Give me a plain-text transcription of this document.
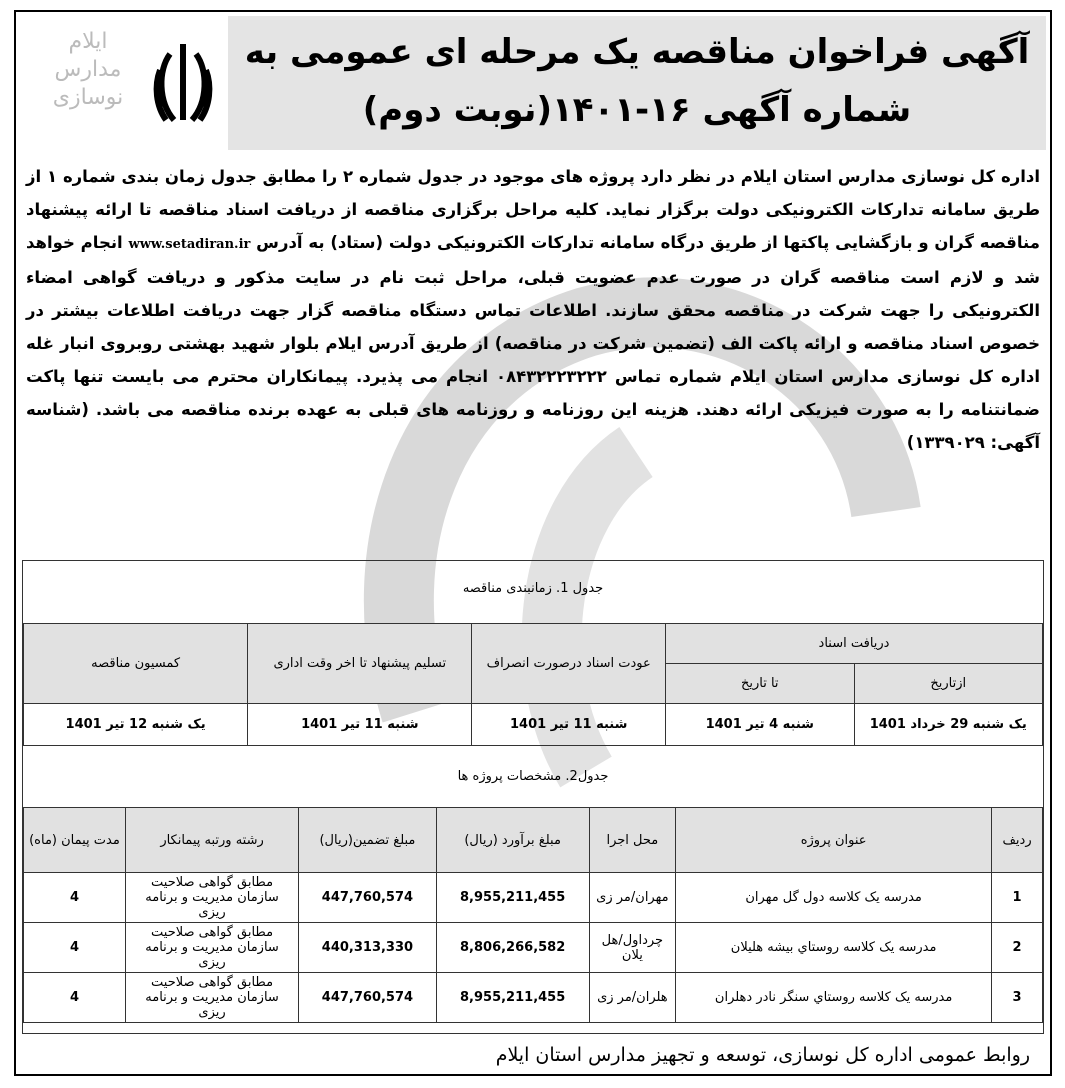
ایلام مدارس نوسازی
آگهی فراخوان مناقصه یک مرحله ای عمومی به
شماره آگهی ۱۶-۱۴۰۱(نوبت دوم)
اداره کل نوسازی مدارس استان ایلام در نظر دارد پروژه های موجود در جدول شماره ۲ را مطابق جدول زمان بندی شماره ۱ از طریق سامانه تدارکات الکترونیکی دولت برگزار نماید. کلیه مراحل برگزاری مناقصه از دریافت اسناد مناقصه تا ارائه پیشنهاد مناقصه گران و بازگشایی پاکتها از طریق درگاه سامانه تدارکات الکترونیکی دولت (ستاد) به آدرس www.setadiran.ir انجام خواهد شد و لازم است مناقصه گران در صورت عدم عضویت قبلی، مراحل ثبت نام در سایت مذکور و دریافت گواهی امضاء الکترونیکی را جهت شرکت در مناقصه محقق سازند. اطلاعات تماس دستگاه مناقصه گزار جهت دریافت اطلاعات بیشتر در خصوص اسناد مناقصه و ارائه پاکت الف (تضمین شرکت در مناقصه) از طریق آدرس ایلام بلوار شهید بهشتی روبروی انبار غله اداره کل نوسازی مدارس استان ایلام شماره تماس ۰۸۴۳۲۲۲۳۲۲۲ انجام می پذیرد. پیمانکاران محترم می بایست تنها پاکت ضمانتنامه را به صورت فیزیکی ارائه دهند. هزینه این روزنامه و روزنامه های قبلی به عهده برنده مناقصه می باشد. (شناسه آگهی: ۱۳۳۹۰۲۹)
جدول 1. زمانبندی مناقصه
دریافت اسناد		عودت اسناد درصورت انصراف	تسلیم پیشنهاد تا اخر وقت اداری	کمسیون مناقصه
ازتاریخ	تا تاریخ			
یک شنبه 29 خرداد 1401	شنبه 4 تیر 1401	شنبه 11 تیر 1401	شنبه 11 تیر 1401	یک شنبه 12 تیر 1401
جدول2. مشخصات پروژه ها
ردیف	عنوان پروژه	محل اجرا	مبلغ برآورد (ریال)	مبلغ تضمین(ریال)	رشته ورتبه پیمانکار	مدت پیمان (ماه)
1	مدرسه یک کلاسه دول گل مهران	مهران/مر زی	8,955,211,455	447,760,574	مطابق گواهی صلاحیت سازمان مدیریت و برنامه ریزی	4
2	مدرسه یک کلاسه روستاي بیشه هلیلان	چرداول/هل یلان	8,806,266,582	440,313,330	مطابق گواهی صلاحیت سازمان مدیریت و برنامه ریزی	4
3	مدرسه یک کلاسه روستاي سنگر نادر دهلران	هلران/مر زی	8,955,211,455	447,760,574	مطابق گواهی صلاحیت سازمان مدیریت و برنامه ریزی	4
روابط عمومی اداره کل نوسازی، توسعه و تجهیز مدارس استان ایلام
